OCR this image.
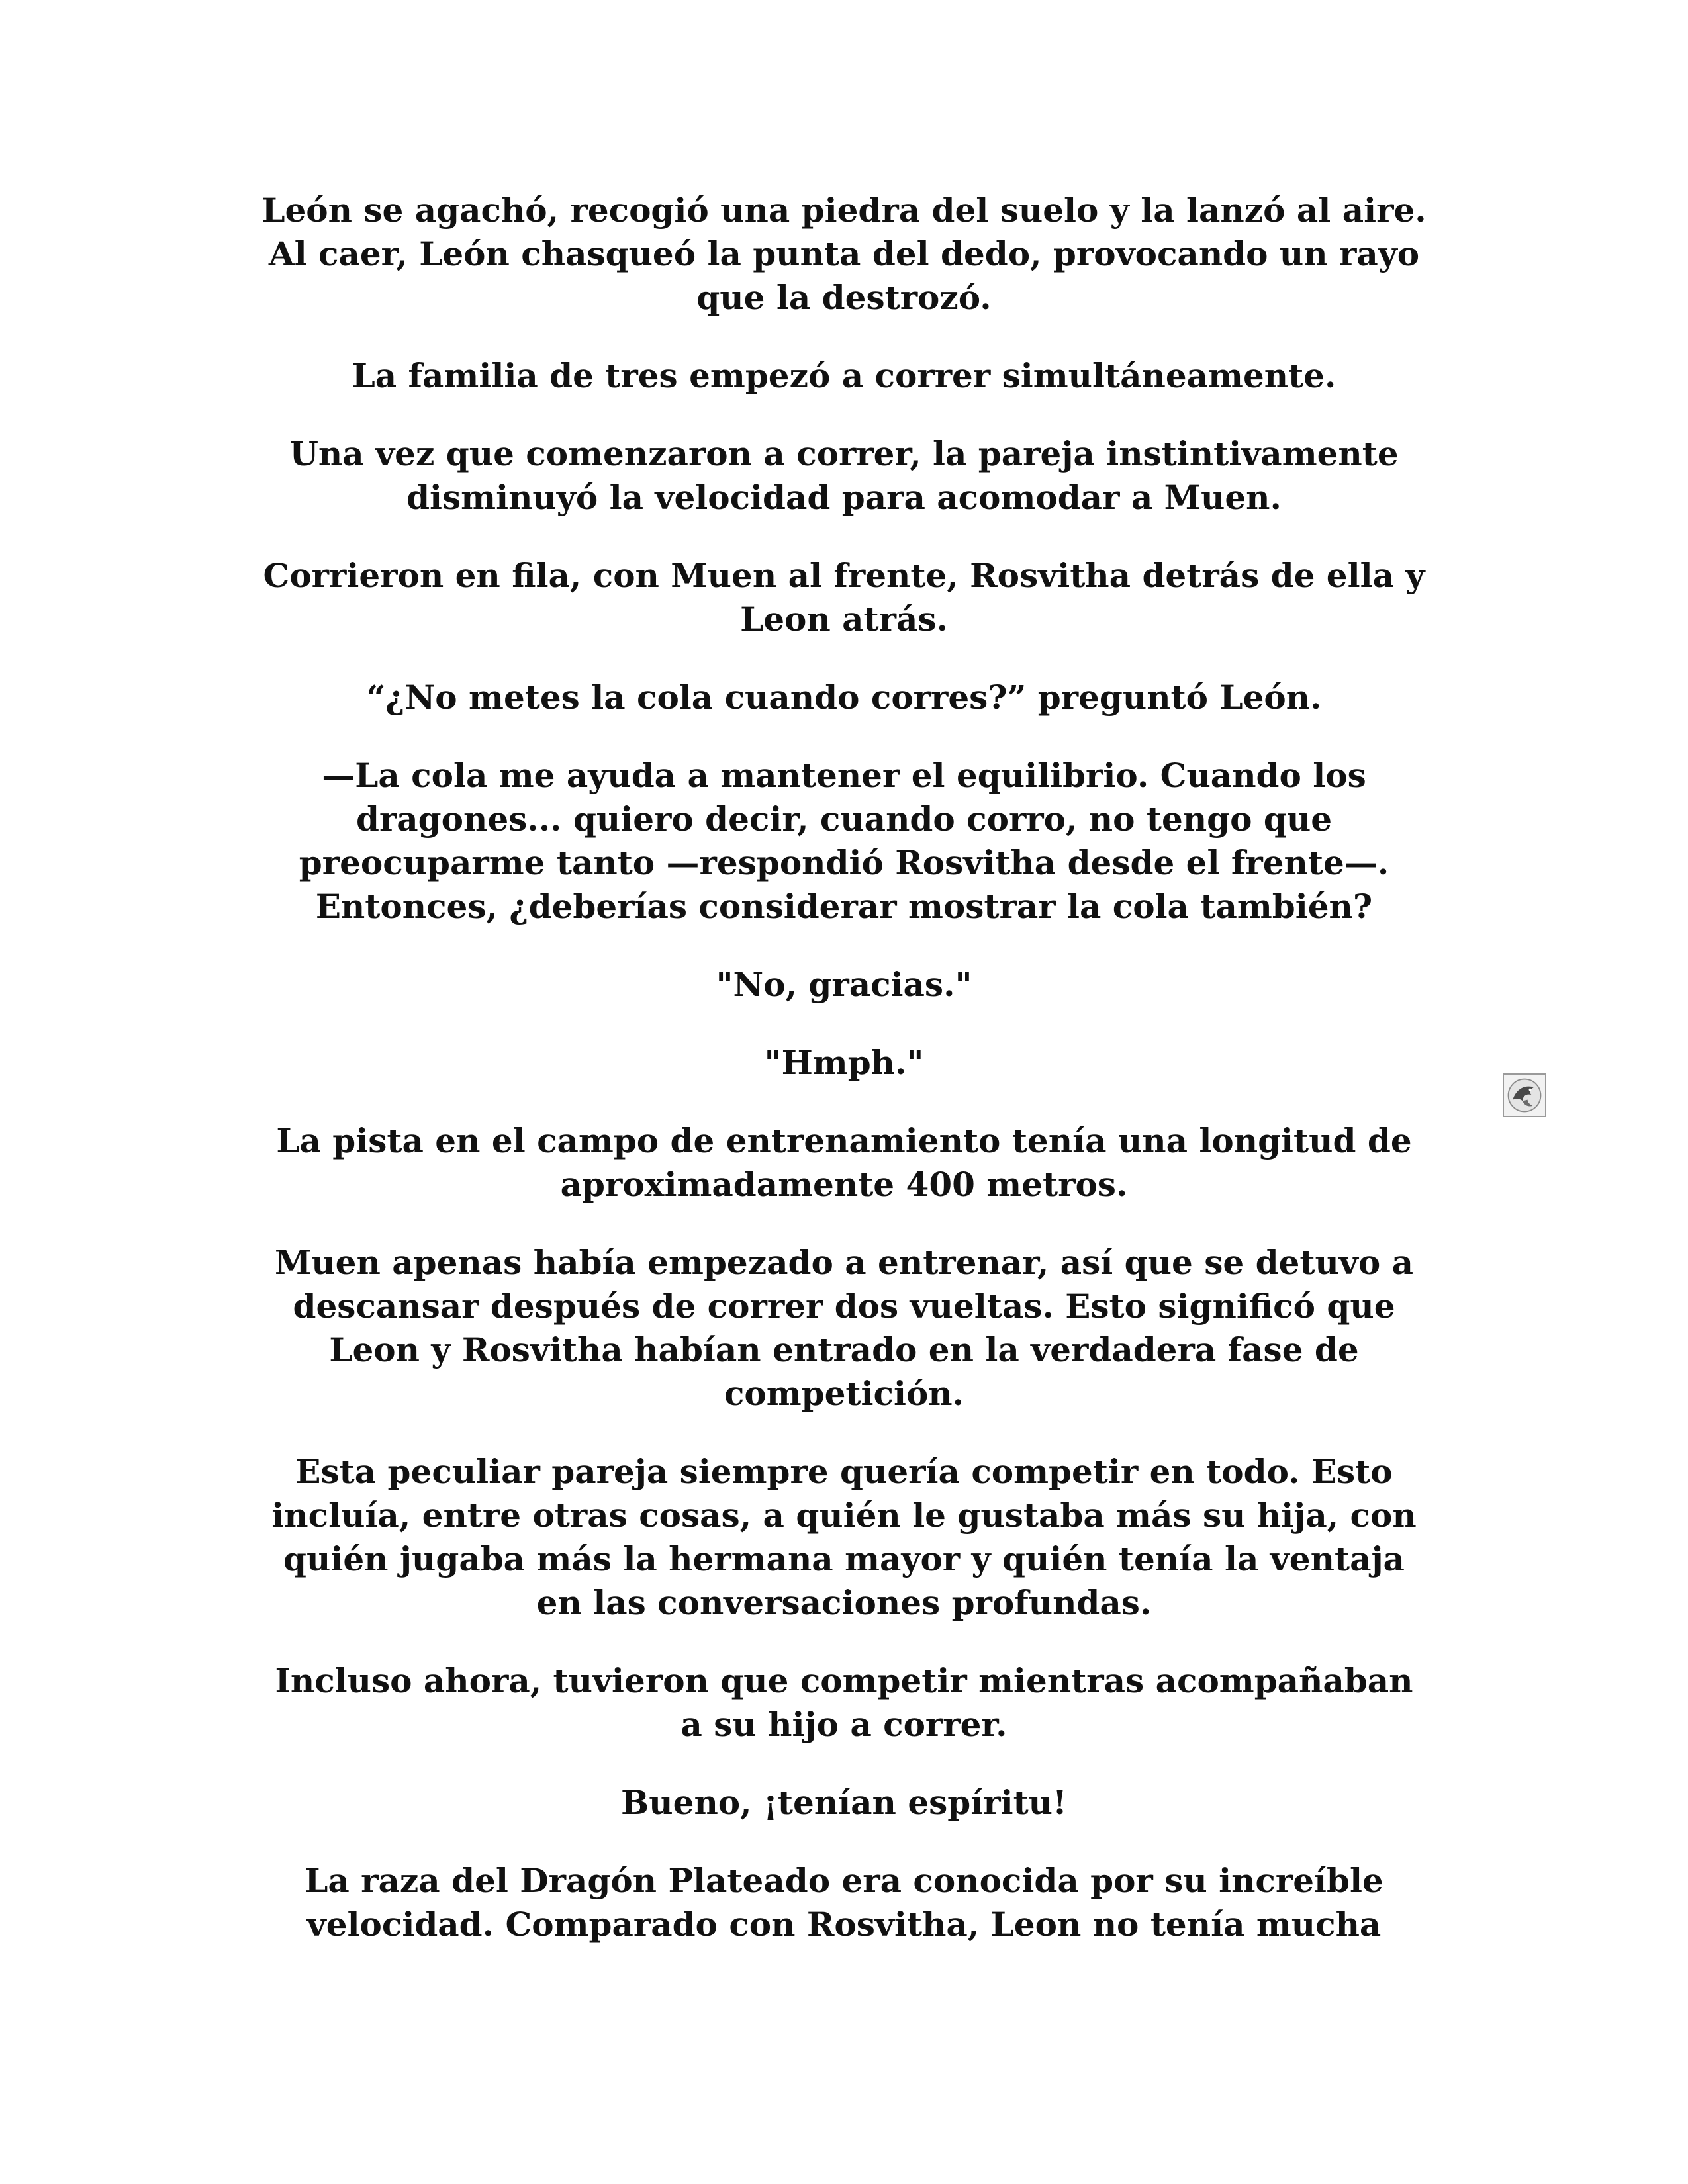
León se agachó, recogió una piedra del suelo y la lanzó al aire.
Al caer, León chasqueó la punta del dedo, provocando un rayo
que la destrozó.

La familia de tres empezó a correr simultáneamente.

Una vez que comenzaron a correr, la pareja instintivamente
disminuyó la velocidad para acomodar a Muen.

Corrieron en fila, con Muen al frente, Rosvitha detrás de ella y
Leon atrás.

“¿No metes la cola cuando corres?” preguntó León.

—La cola me ayuda a mantener el equilibrio. Cuando los
dragones... quiero decir, cuando corro, no tengo que
preocuparme tanto —respondió Rosvitha desde el frente—.
Entonces, ¿deberías considerar mostrar la cola también?

"No, gracias."

"Hmph."

La pista en el campo de entrenamiento tenía una longitud de
aproximadamente 400 metros.

Muen apenas había empezado a entrenar, así que se detuvo a
descansar después de correr dos vueltas. Esto significó que
Leon y Rosvitha habían entrado en la verdadera fase de
competición.

Esta peculiar pareja siempre quería competir en todo. Esto
incluía, entre otras cosas, a quién le gustaba más su hija, con
quién jugaba más la hermana mayor y quién tenía la ventaja
en las conversaciones profundas.

Incluso ahora, tuvieron que competir mientras acompañaban
a su hijo a correr.

Bueno, ¡tenían espíritu!

La raza del Dragón Plateado era conocida por su increíble
velocidad. Comparado con Rosvitha, Leon no tenía mucha
